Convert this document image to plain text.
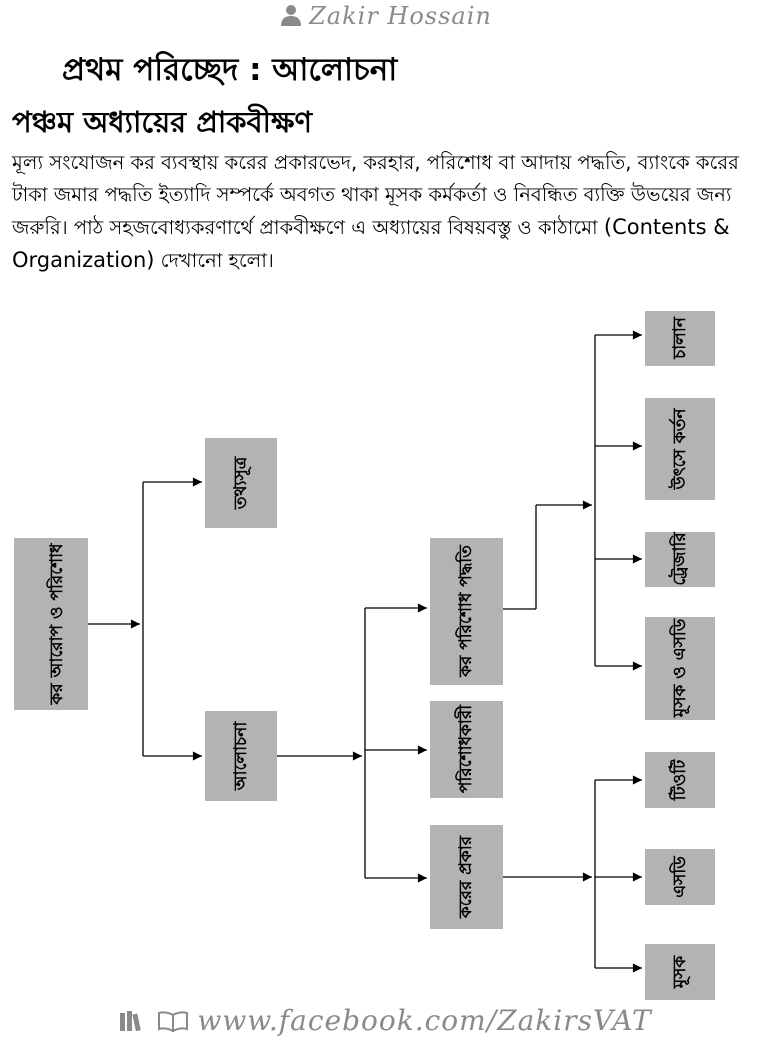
Zakir Hossain
প্রথম পরিচ্ছেদ : আলোচনা
পঞ্চম অধ্যায়ের প্রাকবীক্ষণ
মূল্য সংযোজন কর ব্যবস্থায় করের প্রকারভেদ, করহার, পরিশোধ বা আদায় পদ্ধতি, ব্যাংকে করের টাকা জমার পদ্ধতি ইত্যাদি সম্পর্কে অবগত থাকা মূসক কর্মকর্তা ও নিবন্ধিত ব্যক্তি উভয়ের জন্য জরুরি। পাঠ সহজবোধ্যকরণার্থে প্রাকবীক্ষণে এ অধ্যায়ের বিষয়বস্তু ও কাঠামো (Contents & Organization) দেখানো হলো।
কর আরোপ ও পরিশোধ
তথ্যসূত্র
আলোচনা
কর পরিশোধ পদ্ধতি
পরিশোধকারী
করের প্রকার
চালান
উৎসে কর্তন
ট্রেজারি
মূসক ও এসডি
টিওটি
এসডি
মূসক
www.facebook.com/ZakirsVAT
